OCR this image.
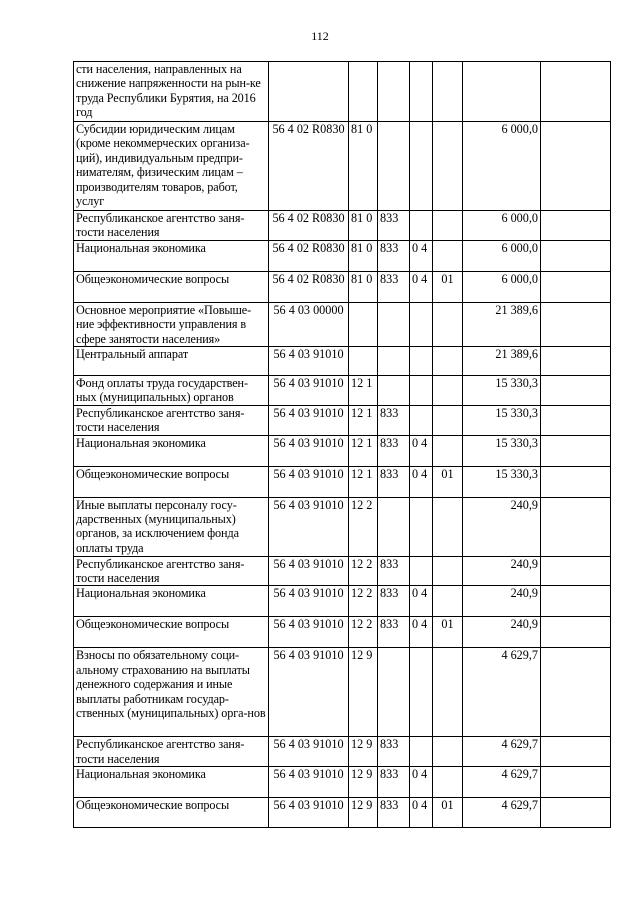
112
сти населения, направленных на снижение напряженности на рын-ке труда Республики Бурятия, на 2016 год							
Субсидии юридическим лицам (кроме некоммерческих организа-ций), индивидуальным предпри-нимателям, физическим лицам – производителям товаров, работ, услуг	56 4 02 R0830	81 0				6 000,0	
Республиканское агентство заня-тости населения	56 4 02 R0830	81 0	833			6 000,0	
Национальная экономика	56 4 02 R0830	81 0	833	0 4		6 000,0	
Общеэкономические вопросы	56 4 02 R0830	81 0	833	0 4	01	6 000,0	
Основное мероприятие «Повыше-ние эффективности управления в сфере занятости населения»	56 4 03 00000					21 389,6	
Центральный аппарат	56 4 03 91010					21 389,6	
Фонд оплаты труда государствен-ных (муниципальных) органов	56 4 03 91010	12 1				15 330,3	
Республиканское агентство заня-тости населения	56 4 03 91010	12 1	833			15 330,3	
Национальная экономика	56 4 03 91010	12 1	833	0 4		15 330,3	
Общеэкономические вопросы	56 4 03 91010	12 1	833	0 4	01	15 330,3	
Иные выплаты персоналу госу-дарственных (муниципальных) органов, за исключением фонда оплаты труда	56 4 03 91010	12 2				240,9	
Республиканское агентство заня-тости населения	56 4 03 91010	12 2	833			240,9	
Национальная экономика	56 4 03 91010	12 2	833	0 4		240,9	
Общеэкономические вопросы	56 4 03 91010	12 2	833	0 4	01	240,9	
Взносы по обязательному соци-альному страхованию на выплаты денежного содержания и иные выплаты работникам государ-ственных (муниципальных) орга-нов	56 4 03 91010	12 9				4 629,7	
Республиканское агентство заня-тости населения	56 4 03 91010	12 9	833			4 629,7	
Национальная экономика	56 4 03 91010	12 9	833	0 4		4 629,7	
Общеэкономические вопросы	56 4 03 91010	12 9	833	0 4	01	4 629,7	
